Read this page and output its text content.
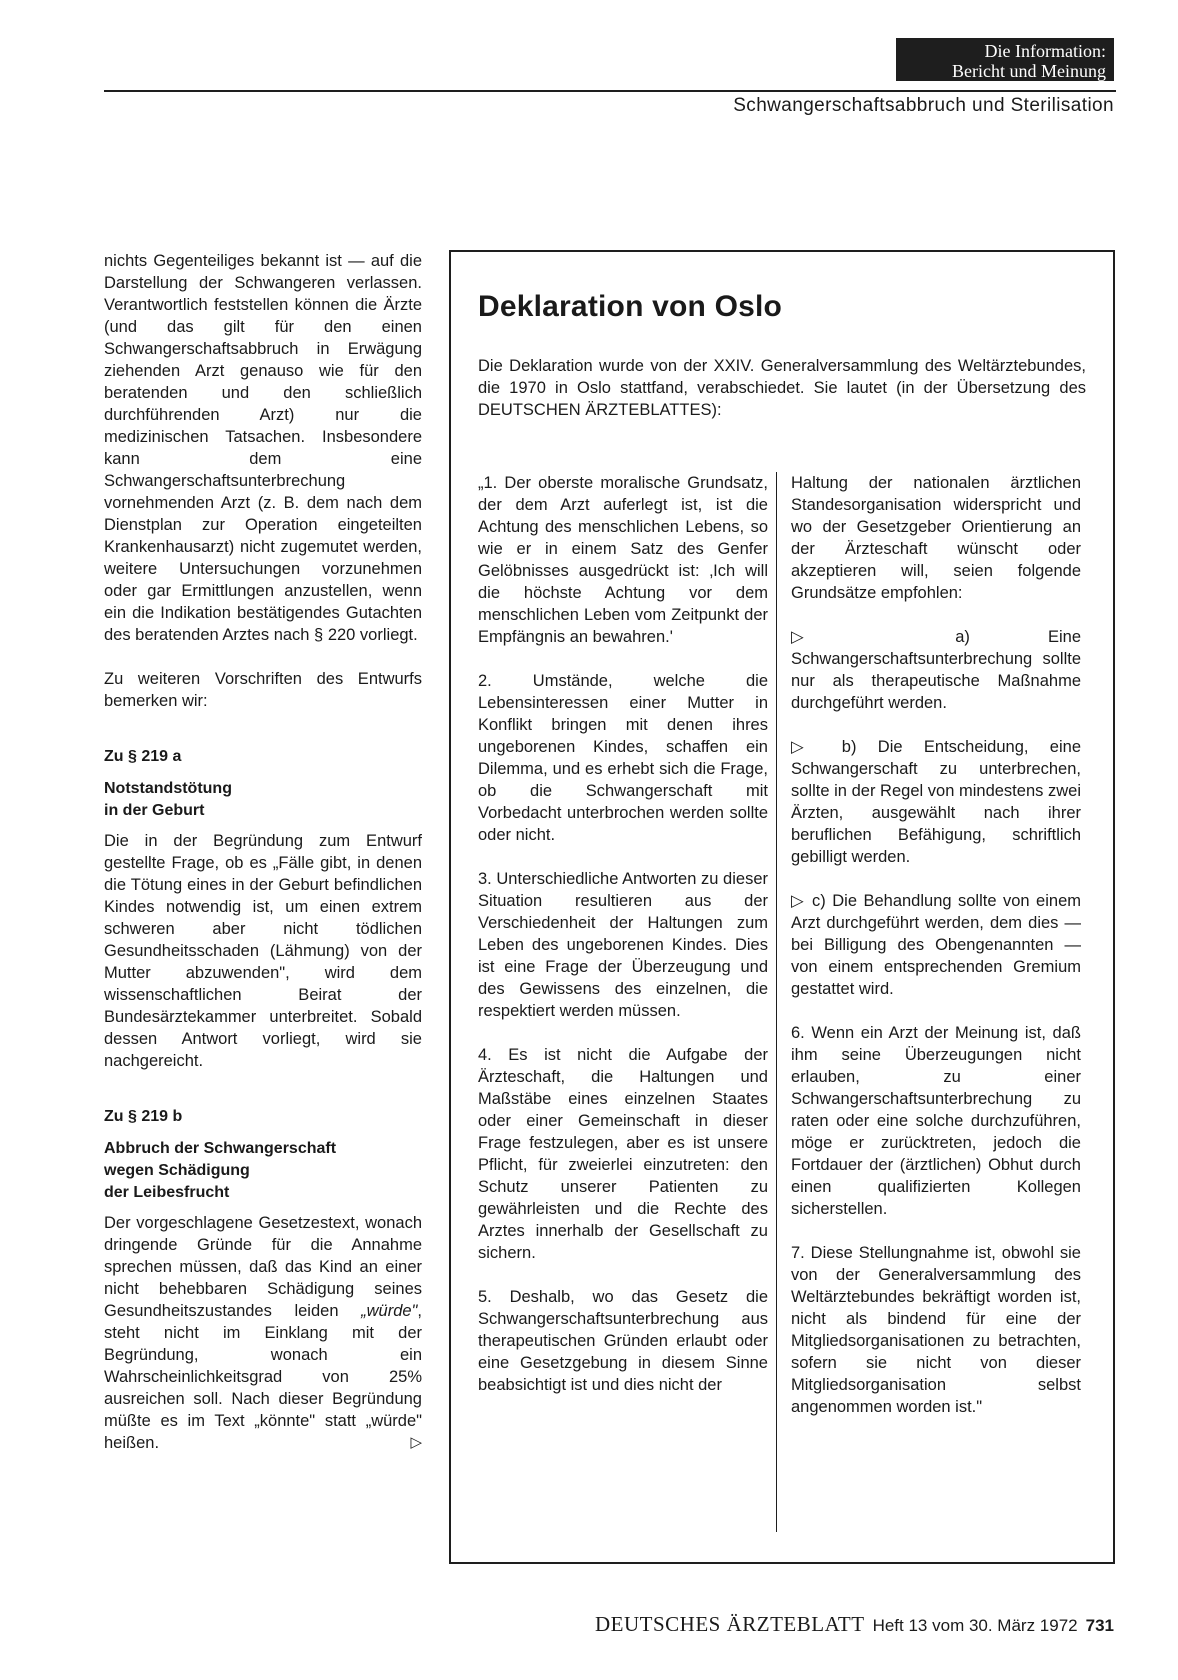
Die Information:
Bericht und Meinung
Schwangerschaftsabbruch und Sterilisation

nichts Gegenteiliges bekannt ist — auf die Darstellung der Schwangeren verlassen. Verantwortlich feststellen können die Ärzte (und das gilt für den einen Schwangerschaftsabbruch in Erwägung ziehenden Arzt genauso wie für den beratenden und den schließlich durchführenden Arzt) nur die medizinischen Tatsachen. Insbesondere kann dem eine Schwangerschaftsunterbrechung vornehmenden Arzt (z. B. dem nach dem Dienstplan zur Operation eingeteilten Krankenhausarzt) nicht zugemutet werden, weitere Untersuchungen vorzunehmen oder gar Ermittlungen anzustellen, wenn ein die Indikation bestätigendes Gutachten des beratenden Arztes nach § 220 vorliegt.

Zu weiteren Vorschriften des Entwurfs bemerken wir:

Zu § 219 a
Notstandstötung
in der Geburt

Die in der Begründung zum Entwurf gestellte Frage, ob es „Fälle gibt, in denen die Tötung eines in der Geburt befindlichen Kindes notwendig ist, um einen extrem schweren aber nicht tödlichen Gesundheitsschaden (Lähmung) von der Mutter abzuwenden", wird dem wissenschaftlichen Beirat der Bundesärztekammer unterbreitet. Sobald dessen Antwort vorliegt, wird sie nachgereicht.

Zu § 219 b
Abbruch der Schwangerschaft
wegen Schädigung
der Leibesfrucht

Der vorgeschlagene Gesetzestext, wonach dringende Gründe für die Annahme sprechen müssen, daß das Kind an einer nicht behebbaren Schädigung seines Gesundheitszustandes leiden „würde", steht nicht im Einklang mit der Begründung, wonach ein Wahrscheinlichkeitsgrad von 25% ausreichen soll. Nach dieser Begründung müßte es im Text „könnte" statt „würde" heißen.	▷

Deklaration von Oslo
Die Deklaration wurde von der XXIV. Generalversammlung des Weltärztebundes, die 1970 in Oslo stattfand, verabschiedet. Sie lautet (in der Übersetzung des DEUTSCHEN ÄRZTEBLATTES):

„1. Der oberste moralische Grundsatz, der dem Arzt auferlegt ist, ist die Achtung des menschlichen Lebens, so wie er in einem Satz des Genfer Gelöbnisses ausgedrückt ist: ‚Ich will die höchste Achtung vor dem menschlichen Leben vom Zeitpunkt der Empfängnis an bewahren.'

2. Umstände, welche die Lebensinteressen einer Mutter in Konflikt bringen mit denen ihres ungeborenen Kindes, schaffen ein Dilemma, und es erhebt sich die Frage, ob die Schwangerschaft mit Vorbedacht unterbrochen werden sollte oder nicht.

3. Unterschiedliche Antworten zu dieser Situation resultieren aus der Verschiedenheit der Haltungen zum Leben des ungeborenen Kindes. Dies ist eine Frage der Überzeugung und des Gewissens des einzelnen, die respektiert werden müssen.

4. Es ist nicht die Aufgabe der Ärzteschaft, die Haltungen und Maßstäbe eines einzelnen Staates oder einer Gemeinschaft in dieser Frage festzulegen, aber es ist unsere Pflicht, für zweierlei einzutreten: den Schutz unserer Patienten zu gewährleisten und die Rechte des Arztes innerhalb der Gesellschaft zu sichern.

5. Deshalb, wo das Gesetz die Schwangerschaftsunterbrechung aus therapeutischen Gründen erlaubt oder eine Gesetzgebung in diesem Sinne beabsichtigt ist und dies nicht der

Haltung der nationalen ärztlichen Standesorganisation widerspricht und wo der Gesetzgeber Orientierung an der Ärzteschaft wünscht oder akzeptieren will, seien folgende Grundsätze empfohlen:

▷ a) Eine Schwangerschaftsunterbrechung sollte nur als therapeutische Maßnahme durchgeführt werden.

▷ b) Die Entscheidung, eine Schwangerschaft zu unterbrechen, sollte in der Regel von mindestens zwei Ärzten, ausgewählt nach ihrer beruflichen Befähigung, schriftlich gebilligt werden.

▷ c) Die Behandlung sollte von einem Arzt durchgeführt werden, dem dies — bei Billigung des Obengenannten — von einem entsprechenden Gremium gestattet wird.

6. Wenn ein Arzt der Meinung ist, daß ihm seine Überzeugungen nicht erlauben, zu einer Schwangerschaftsunterbrechung zu raten oder eine solche durchzuführen, möge er zurücktreten, jedoch die Fortdauer der (ärztlichen) Obhut durch einen qualifizierten Kollegen sicherstellen.

7. Diese Stellungnahme ist, obwohl sie von der Generalversammlung des Weltärztebundes bekräftigt worden ist, nicht als bindend für eine der Mitgliedsorganisationen zu betrachten, sofern sie nicht von dieser Mitgliedsorganisation selbst angenommen worden ist."

DEUTSCHES ÄRZTEBLATT Heft 13 vom 30. März 1972 731
